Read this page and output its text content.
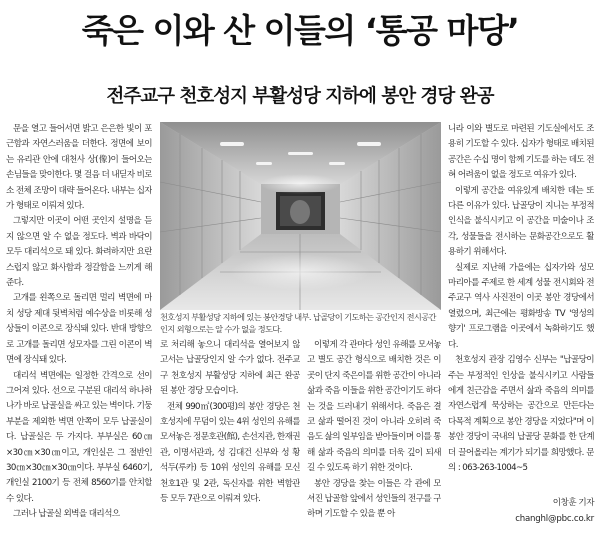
죽은 이와 산 이들의 ‘통공 마당’
전주교구 천호성지 부활성당 지하에 봉안 경당 완공

문을 열고 들어서면 밝고 은은한 빛이 포근함과 자연스러움을 더한다. 정면에 보이는 유리관 안에 대천사 상(像)이 들어오는 손님들을 맞이한다. 몇 걸음 더 내딛자 비로소 전체 조망이 대략 들어온다. 내부는 십자가 형태로 이뤄져 있다.

그렇지만 이곳이 어떤 곳인지 설명을 듣지 않으면 알 수 없을 정도다. 벽과 바닥이 모두 대리석으로 돼 있다. 화려하지만 요란스럽지 않고 화사함과 정갈함을 느끼게 해준다.

고개를 왼쪽으로 돌리면 멀리 벽면에 마치 성당 제대 뒷벽처럼 예수상을 비롯해 성상들이 이콘으로 장식돼 있다. 반대 방향으로 고개를 돌리면 성모자를 그린 이콘이 벽면에 장식돼 있다.

대리석 벽면에는 일정한 간격으로 선이 그어져 있다. 선으로 구분된 대리석 하나하나가 바로 납골실을 싸고 있는 벽이다. 기둥 부분을 제외한 벽면 안쪽이 모두 납골실이다. 납골실은 두 가지다. 부부실은 60㎝×30㎝×30㎝이고, 개인실은 그 절반인 30㎝×30㎝×30㎝이다. 부부실 6460기, 개인실 2100기 등 전체 8560기를 안치할 수 있다.

그러나 납골실 외벽을 대리석으

천호성지 부활성당 지하에 있는 봉안경당 내부. 납골당이 기도하는 공간인지 전시공간인지 외형으로는 알 수가 없을 정도다.

로 처리해 놓으니 대리석을 열어보지 않고서는 납골당인지 알 수가 없다. 전주교구 천호성지 부활성당 지하에 최근 완공된 봉안 경당 모습이다.

전체 990㎡(300평)의 봉안 경당은 천호성지에 무덤이 있는 4위 성인의 유해를 모셔놓은 정문호관(館), 손선지관, 한재권관, 이명서관과, 성 김대건 신부와 성 황석두(루카) 등 10위 성인의 유해를 모신 천호1관 및 2관, 독신자를 위한 벽함관 등 모두 7관으로 이뤄져 있다.

이렇게 각 관마다 성인 유해를 모셔놓고 별도 공간 형식으로 배치한 것은 이곳이 단지 죽은이를 위한 공간이 아니라 삶과 죽음 이들을 위한 공간이기도 하다는 것을 드러내기 위해서다. 죽음은 결코 삶과 떨어진 것이 아니라 오히려 죽음도 삶의 일부임을 받아들이며 이를 통해 삶과 죽음의 의미를 더욱 깊이 되새길 수 있도록 하기 위한 것이다.

봉안 경당을 찾는 이들은 각 관에 모셔진 납골함 앞에서 성인들의 전구를 구하며 기도할 수 있을 뿐 아

니라 이와 별도로 마련된 기도실에서도 조용히 기도할 수 있다. 십자가 형태로 배치된 공간은 수십 명이 함께 기도를 하는 데도 전혀 어려움이 없을 정도로 여유가 있다.

이렇게 공간을 여유있게 배치한 데는 또 다른 이유가 있다. 납골당이 지니는 부정적 인식을 불식시키고 이 공간을 미술이나 조각, 성물들을 전시하는 문화공간으로도 활용하기 위해서다.

실제로 지난해 가을에는 십자가와 성모 마리아를 주제로 한 세계 성물 전시회와 전주교구 역사 사진전이 이곳 봉안 경당에서 열렸으며, 최근에는 평화방송 TV '영성의 향기' 프로그램을 이곳에서 녹화하기도 했다.

천호성지 관장 김영수 신부는 "납골당이 주는 부정적인 인상을 불식시키고 사람들에게 친근감을 주면서 삶과 죽음의 의미를 자연스럽게 묵상하는 공간으로 만든다는 다목적 계획으로 봉안 경당을 지었다"며 이 봉안 경당이 국내의 납골당 문화를 한 단계 더 끌어올리는 계기가 되기를 희망했다. 문의 : 063-263-1004~5

이창훈 기자
changhl@pbc.co.kr
